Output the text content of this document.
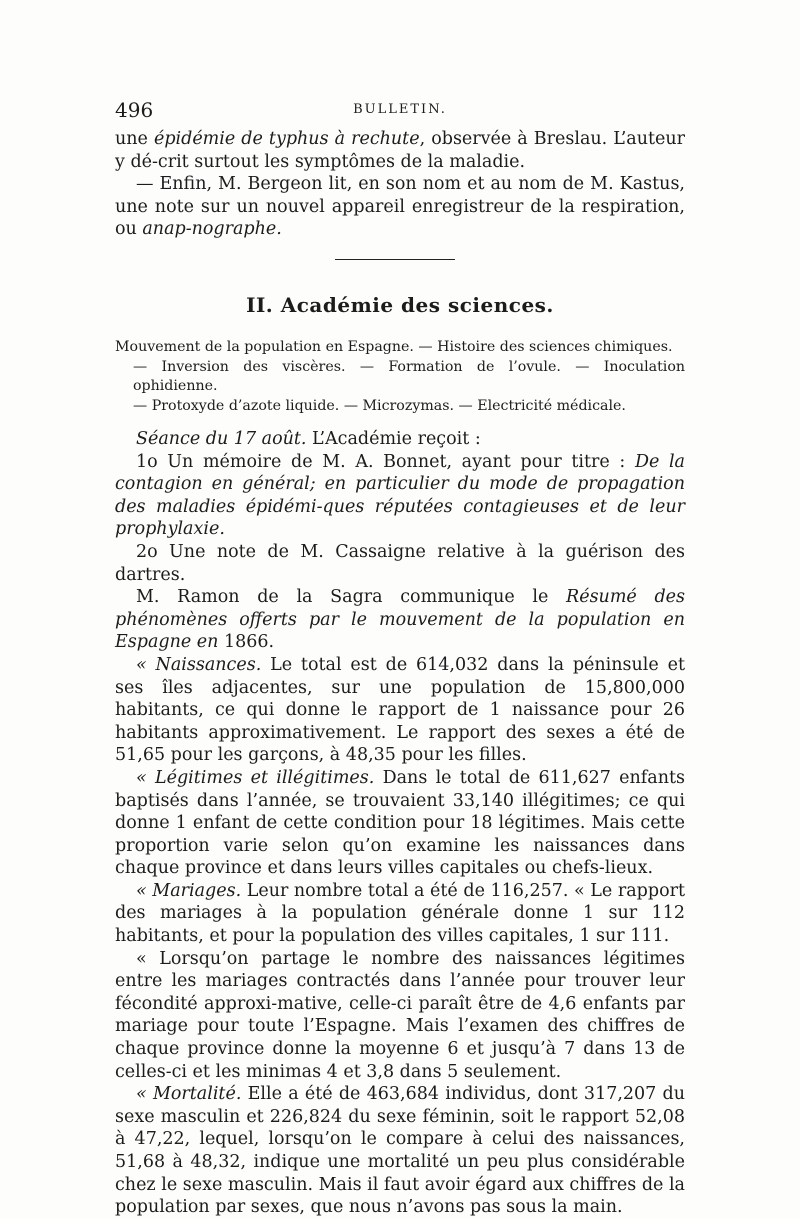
496	BULLETIN.

une épidémie de typhus à rechute, observée à Breslau. L’auteur y dé-crit surtout les symptômes de la maladie.

— Enfin, M. Bergeon lit, en son nom et au nom de M. Kastus, une note sur un nouvel appareil enregistreur de la respiration, ou anap-nographe.

II. Académie des sciences.

Mouvement de la population en Espagne. — Histoire des sciences chimiques.

— Inversion des viscères. — Formation de l’ovule. — Inoculation ophidienne.

— Protoxyde d’azote liquide. — Microzymas. — Electricité médicale.

Séance du 17 août. L’Académie reçoit :

1o Un mémoire de M. A. Bonnet, ayant pour titre : De la contagion en général; en particulier du mode de propagation des maladies épidémi-ques réputées contagieuses et de leur prophylaxie.

2o Une note de M. Cassaigne relative à la guérison des dartres.

M. Ramon de la Sagra communique le Résumé des phénomènes offerts par le mouvement de la population en Espagne en 1866.

« Naissances. Le total est de 614,032 dans la péninsule et ses îles adjacentes, sur une population de 15,800,000 habitants, ce qui donne le rapport de 1 naissance pour 26 habitants approximativement. Le rapport des sexes a été de 51,65 pour les garçons, à 48,35 pour les filles.

« Légitimes et illégitimes. Dans le total de 611,627 enfants baptisés dans l’année, se trouvaient 33,140 illégitimes; ce qui donne 1 enfant de cette condition pour 18 légitimes. Mais cette proportion varie selon qu’on examine les naissances dans chaque province et dans leurs villes capitales ou chefs-lieux.

« Mariages. Leur nombre total a été de 116,257. « Le rapport des mariages à la population générale donne 1 sur 112 habitants, et pour la population des villes capitales, 1 sur 111.

« Lorsqu’on partage le nombre des naissances légitimes entre les mariages contractés dans l’année pour trouver leur fécondité approxi-mative, celle-ci paraît être de 4,6 enfants par mariage pour toute l’Espagne. Mais l’examen des chiffres de chaque province donne la moyenne 6 et jusqu’à 7 dans 13 de celles-ci et les minimas 4 et 3,8 dans 5 seulement.

« Mortalité. Elle a été de 463,684 individus, dont 317,207 du sexe masculin et 226,824 du sexe féminin, soit le rapport 52,08 à 47,22, lequel, lorsqu’on le compare à celui des naissances, 51,68 à 48,32, indique une mortalité un peu plus considérable chez le sexe masculin. Mais il faut avoir égard aux chiffres de la population par sexes, que nous n’avons pas sous la main.
